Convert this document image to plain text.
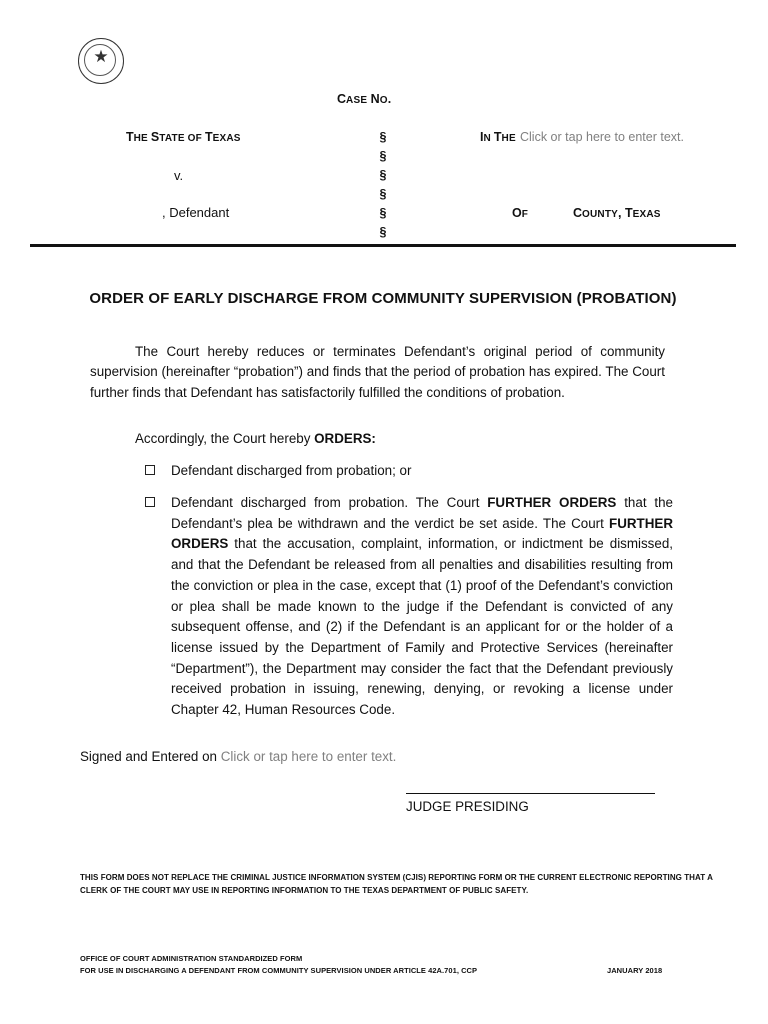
★
CASE NO.
THE STATE OF TEXAS
v.
, Defendant
§
§
§
§
§
§
IN THE Click or tap here to enter text.
OF	COUNTY, TEXAS
ORDER OF EARLY DISCHARGE FROM COMMUNITY SUPERVISION (PROBATION)
The Court hereby reduces or terminates Defendant’s original period of community supervision (hereinafter “probation”) and finds that the period of probation has expired. The Court further finds that Defendant has satisfactorily fulfilled the conditions of probation.
Accordingly, the Court hereby ORDERS:
Defendant discharged from probation; or
Defendant discharged from probation. The Court FURTHER ORDERS that the Defendant’s plea be withdrawn and the verdict be set aside. The Court FURTHER ORDERS that the accusation, complaint, information, or indictment be dismissed, and that the Defendant be released from all penalties and disabilities resulting from the conviction or plea in the case, except that (1) proof of the Defendant’s conviction or plea shall be made known to the judge if the Defendant is convicted of any subsequent offense, and (2) if the Defendant is an applicant for or the holder of a license issued by the Department of Family and Protective Services (hereinafter “Department”), the Department may consider the fact that the Defendant previously received probation in issuing, renewing, denying, or revoking a license under Chapter 42, Human Resources Code.
Signed and Entered on Click or tap here to enter text.
JUDGE PRESIDING
THIS FORM DOES NOT REPLACE THE CRIMINAL JUSTICE INFORMATION SYSTEM (CJIS) REPORTING FORM OR THE CURRENT ELECTRONIC REPORTING THAT A CLERK OF THE COURT MAY USE IN REPORTING INFORMATION TO THE TEXAS DEPARTMENT OF PUBLIC SAFETY.
OFFICE OF COURT ADMINISTRATION STANDARDIZED FORM
FOR USE IN DISCHARGING A DEFENDANT FROM COMMUNITY SUPERVISION UNDER ARTICLE 42A.701, CCP	JANUARY 2018
